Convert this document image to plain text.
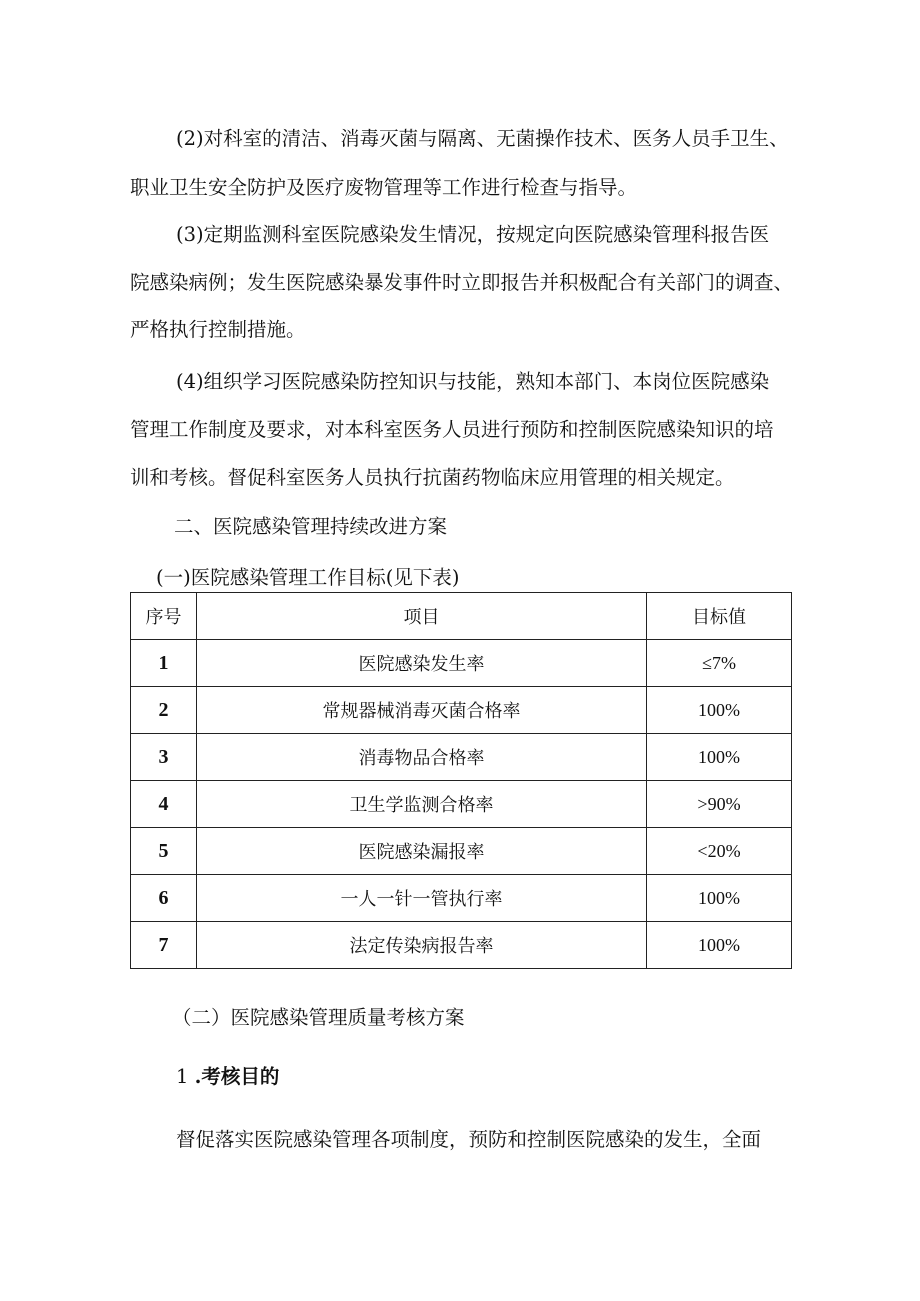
(2)对科室的清洁、消毒灭菌与隔离、无菌操作技术、医务人员手卫生、

职业卫生安全防护及医疗废物管理等工作进行检查与指导。

(3)定期监测科室医院感染发生情况，按规定向医院感染管理科报告医

院感染病例；发生医院感染暴发事件时立即报告并积极配合有关部门的调查、

严格执行控制措施。

(4)组织学习医院感染防控知识与技能，熟知本部门、本岗位医院感染

管理工作制度及要求，对本科室医务人员进行预防和控制医院感染知识的培

训和考核。督促科室医务人员执行抗菌药物临床应用管理的相关规定。

二、医院感染管理持续改进方案

(一)医院感染管理工作目标(见下表)

序号	项目	目标值
1	医院感染发生率	≤7%
2	常规器械消毒灭菌合格率	100%
3	消毒物品合格率	100%
4	卫生学监测合格率	>90%
5	医院感染漏报率	<20%
6	一人一针一管执行率	100%
7	法定传染病报告率	100%

（二）医院感染管理质量考核方案

1 .考核目的

督促落实医院感染管理各项制度，预防和控制医院感染的发生，全面
